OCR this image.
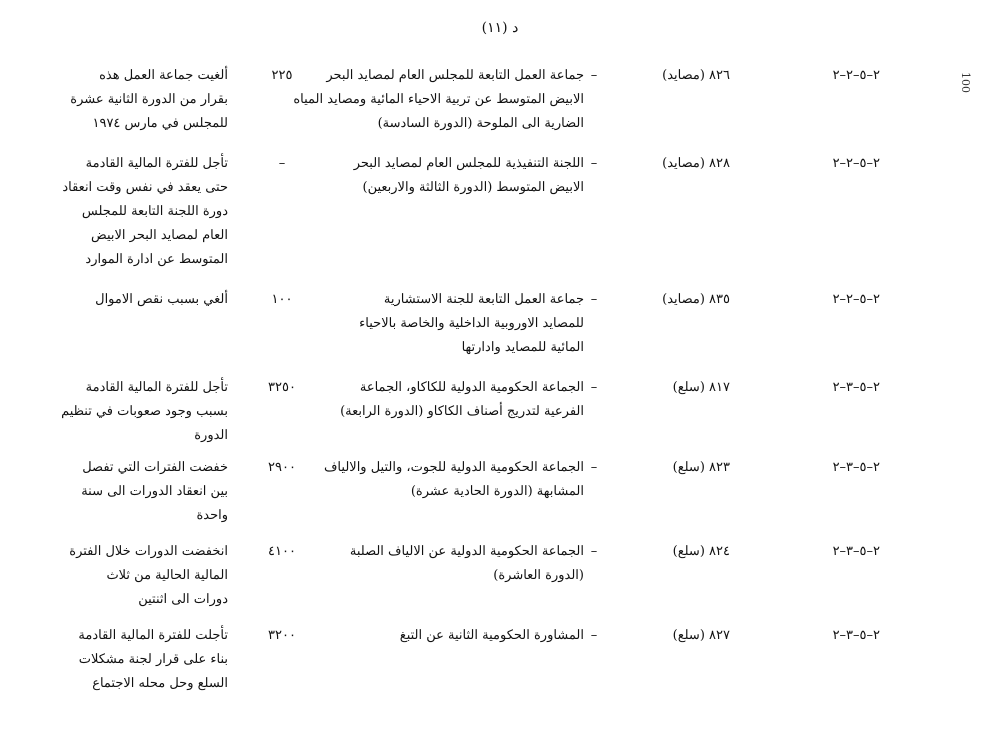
د (١١)
100
٢–٥–٢–٢
٨٢٦ (مصايد)
–
جماعة العمل التابعة للمجلس العام لمصايد البحر
الابيض المتوسط عن تربية الاحياء المائية ومصايد المياه
الضارية الى الملوحة (الدورة السادسة)
٢٢٥
ألغيت جماعة العمل هذه
بقرار من الدورة الثانية عشرة
للمجلس في مارس ١٩٧٤
٢–٥–٢–٢
٨٢٨ (مصايد)
–
اللجنة التنفيذية للمجلس العام لمصايد البحر
الابيض المتوسط (الدورة الثالثة والاربعين)
–
تأجل للفترة المالية القادمة
حتى يعقد في نفس وقت انعقاد
دورة اللجنة التابعة للمجلس
العام لمصايد البحر الابيض
المتوسط عن ادارة الموارد
٢–٥–٢–٢
٨٣٥ (مصايد)
–
جماعة العمل التابعة للجنة الاستشارية
للمصايد الاوروبية الداخلية والخاصة بالاحياء
المائية للمصايد وادارتها
١٠٠
ألغي بسبب نقص الاموال
٢–٥–٣–٢
٨١٧ (سلع)
–
الجماعة الحكومية الدولية للكاكاو، الجماعة
الفرعية لتدريج أصناف الكاكاو (الدورة الرابعة)
٣٢٥٠
تأجل للفترة المالية القادمة
بسبب وجود صعوبات في تنظيم
الدورة
٢–٥–٣–٢
٨٢٣ (سلع)
–
الجماعة الحكومية الدولية للجوت، والتيل والالياف
المشابهة (الدورة الحادية عشرة)
٢٩٠٠
خفضت الفترات التي تفصل
بين انعقاد الدورات الى سنة
واحدة
٢–٥–٣–٢
٨٢٤ (سلع)
–
الجماعة الحكومية الدولية عن الالياف الصلبة
(الدورة العاشرة)
٤١٠٠
انخفضت الدورات خلال الفترة
المالية الحالية من ثلاث
دورات الى اثنتين
٢–٥–٣–٢
٨٢٧ (سلع)
–
المشاورة الحكومية الثانية عن التبغ
٣٢٠٠
تأجلت للفترة المالية القادمة
بناء على قرار لجنة مشكلات
السلع وحل محله الاجتماع
